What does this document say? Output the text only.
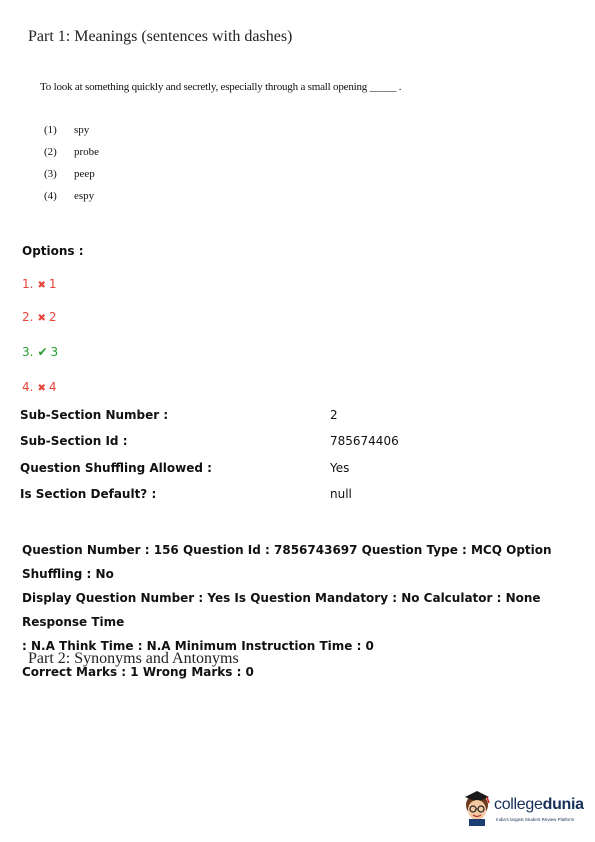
Part 1: Meanings (sentences with dashes)
To look at something quickly and secretly, especially through a small opening _____ .
(1) spy
(2) probe
(3) peep
(4) espy
Options :
1. ✖ 1
2. ✖ 2
3. ✔ 3
4. ✖ 4
Sub-Section Number :	2
Sub-Section Id :	785674406
Question Shuffling Allowed :	Yes
Is Section Default? :	null
Question Number : 156 Question Id : 7856743697 Question Type : MCQ Option Shuffling : No
Display Question Number : Yes Is Question Mandatory : No Calculator : None Response Time
: N.A Think Time : N.A Minimum Instruction Time : 0
Correct Marks : 1 Wrong Marks : 0
Part 2: Synonyms and Antonyms
collegedunia
India's largest Student Review Platform
